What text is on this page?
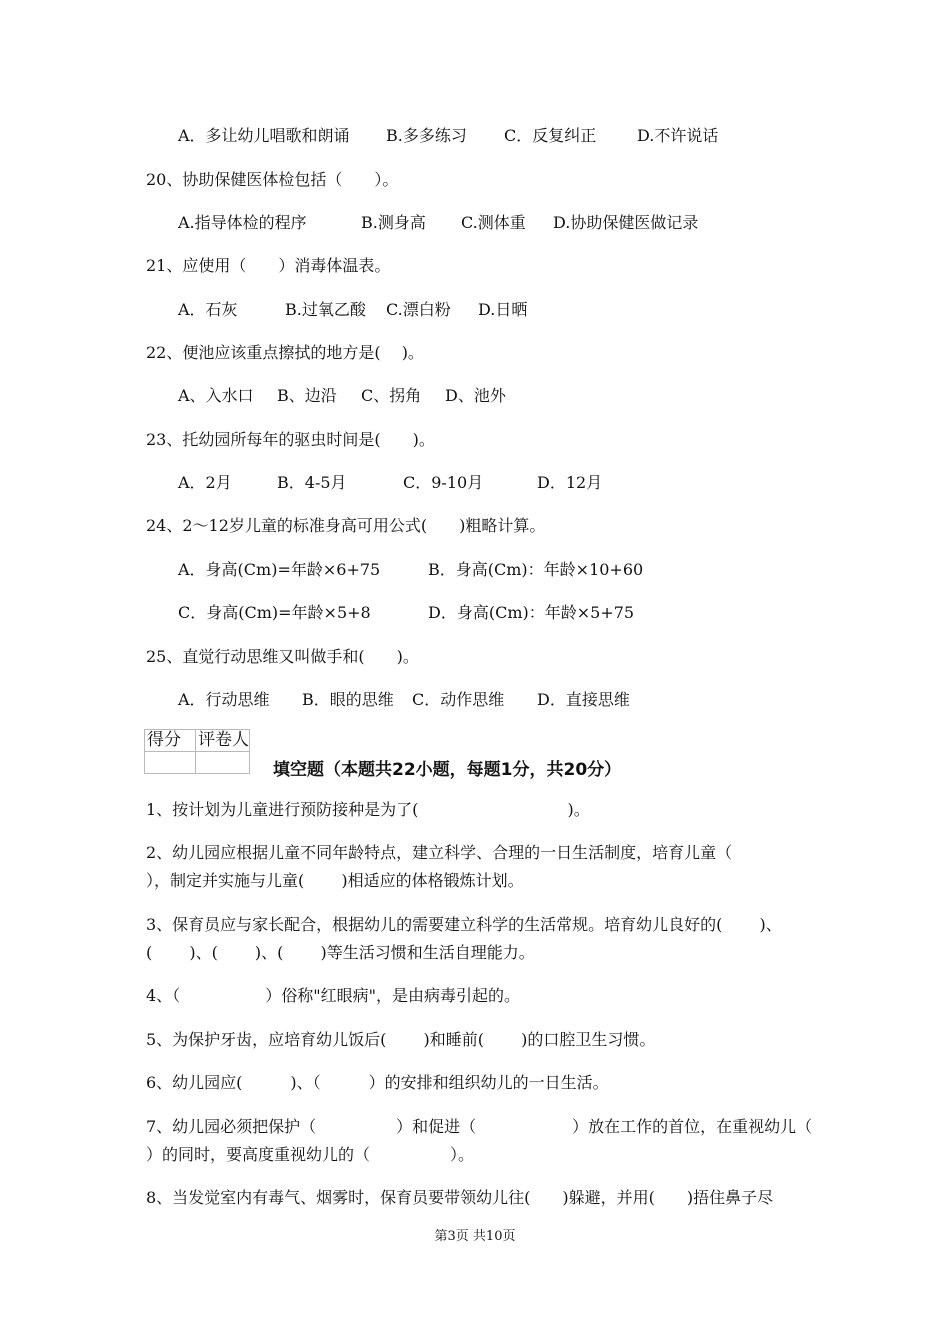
A．多让幼儿唱歌和朗诵 B.多多练习 C．反复纠正	D.不许说话
20、协助保健医体检包括（　　）。
A.指导体检的程序	B.测身高 C.测体重 D.协助保健医做记录
21、应使用（　　）消毒体温表。
A．石灰	B.过氧乙酸 C.漂白粉 D.日晒
22、便池应该重点擦拭的地方是(　 )。
A、入水口 B、边沿 C、拐角 D、池外
23、托幼园所每年的驱虫时间是(　　)。
A．2月	B．4-5月	C．9-10月	D．12月
24、2～12岁儿童的标准身高可用公式(　　)粗略计算。
A．身高(Cm)=年龄×6+75	B．身高(Cm)：年龄×10+60
C．身高(Cm)=年龄×5+8	D．身高(Cm)：年龄×5+75
25、直觉行动思维又叫做手和(　　)。
A．行动思维 B．眼的思维 C．动作思维 D．直接思维
得分	评卷人

填空题（本题共22小题，每题1分，共20分）
1、按计划为儿童进行预防接种是为了(　　　　　　　　　 )。
2、幼儿园应根据儿童不同年龄特点，建立科学、合理的一日生活制度，培育儿童（
），制定并实施与儿童(　　 )相适应的体格锻炼计划。
3、保育员应与家长配合，根据幼儿的需要建立科学的生活常规。培育幼儿良好的(　　 )、
(　　 )、(　　 )、(　　 )等生活习惯和生活自理能力。
4、（　　　　　 ）俗称"红眼病"，是由病毒引起的。
5、为保护牙齿，应培育幼儿饭后(　　 )和睡前(　　 )的口腔卫生习惯。
6、幼儿园应(　　　)、（　　　）的安排和组织幼儿的一日生活。
7、幼儿园必须把保护（　　　　　）和促进（　　　　　　）放在工作的首位，在重视幼儿（
）的同时，要高度重视幼儿的（　　　　　）。
8、当发觉室内有毒气、烟雾时，保育员要带领幼儿往(　　)躲避，并用(　　)捂住鼻子尽
第3页 共10页
